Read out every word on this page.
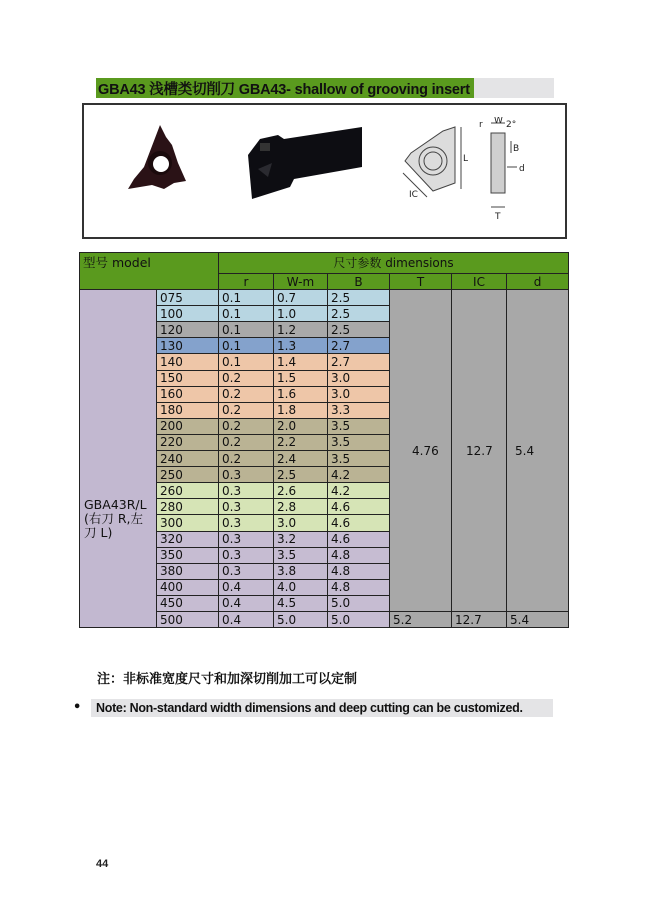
GBA43 浅槽类切削刀 GBA43- shallow of grooving insert
r W 2°
B
d
L
IC
T
型号 model		尺寸参数 dimensions					
		r	W-m	B	T	IC	d

GBA43R/L
(右刀 R,左
刀 L)	075	0.1	0.7	2.5	4.76	12.7	5.4
	100	0.1	1.0	2.5			
	120	0.1	1.2	2.5			
	130	0.1	1.3	2.7			
	140	0.1	1.4	2.7			
	150	0.2	1.5	3.0			
	160	0.2	1.6	3.0			
	180	0.2	1.8	3.3			
	200	0.2	2.0	3.5			
	220	0.2	2.2	3.5			
	240	0.2	2.4	3.5			
	250	0.3	2.5	4.2			
	260	0.3	2.6	4.2			
	280	0.3	2.8	4.6			
	300	0.3	3.0	4.6			
	320	0.3	3.2	4.6			
	350	0.3	3.5	4.8			
	380	0.3	3.8	4.8			
	400	0.4	4.0	4.8			
	450	0.4	4.5	5.0			
	500	0.4	5.0	5.0	5.2	12.7	5.4
注：非标准宽度尺寸和加深切削加工可以定制
• Note: Non-standard width dimensions and deep cutting can be customized.
44
